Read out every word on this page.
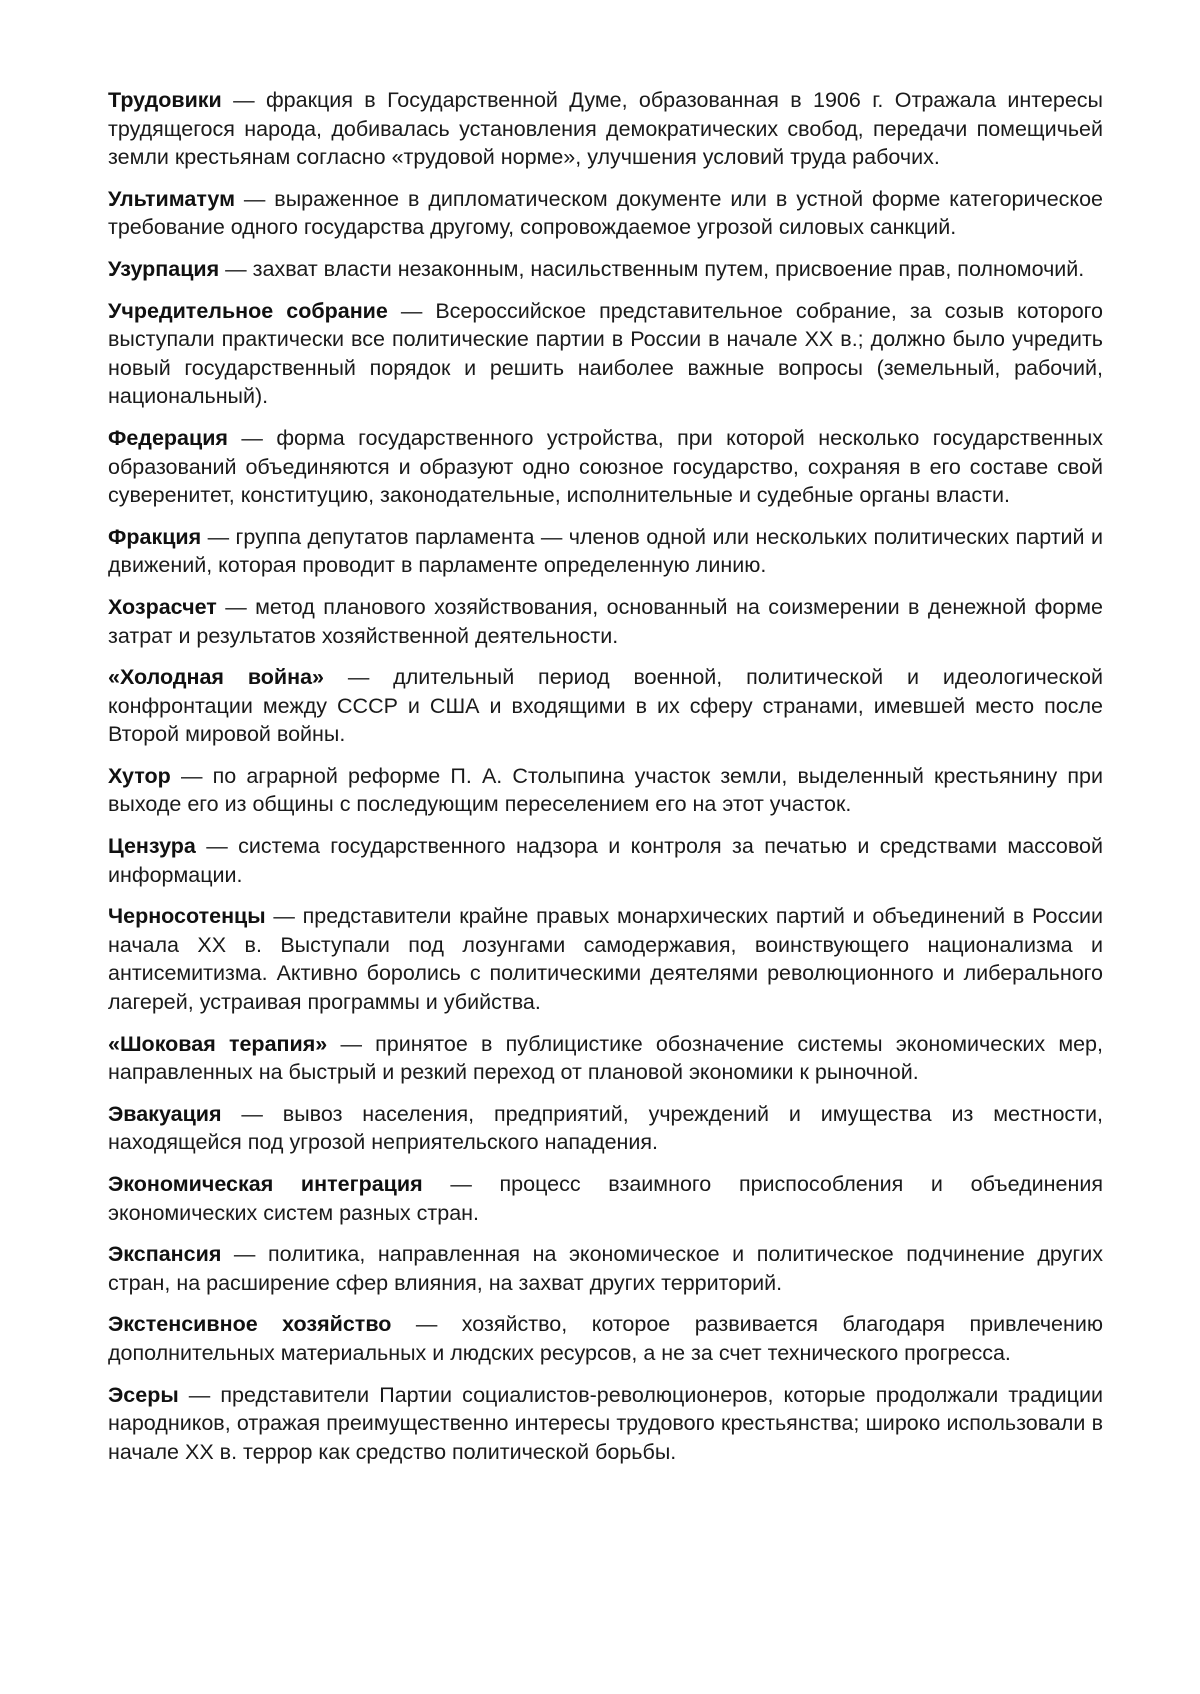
Трудовики — фракция в Государственной Думе, образованная в 1906 г. Отражала интересы трудящегося народа, добивалась установления демократических свобод, передачи помещичьей земли крестьянам согласно «трудовой норме», улучшения условий труда рабочих.

Ультиматум — выраженное в дипломатическом документе или в устной форме категорическое требование одного государства другому, сопровождаемое угрозой силовых санкций.

Узурпация — захват власти незаконным, насильственным путем, присвоение прав, полномочий.

Учредительное собрание — Всероссийское представительное собрание, за созыв которого выступали практически все политические партии в России в начале XX в.; должно было учредить новый государственный порядок и решить наиболее важные вопросы (земельный, рабочий, национальный).

Федерация — форма государственного устройства, при которой несколько государственных образований объединяются и образуют одно союзное государство, сохраняя в его составе свой суверенитет, конституцию, законодательные, исполнительные и судебные органы власти.

Фракция — группа депутатов парламента — членов одной или нескольких политических партий и движений, которая проводит в парламенте определенную линию.

Хозрасчет — метод планового хозяйствования, основанный на соизмерении в денежной форме затрат и результатов хозяйственной деятельности.

«Холодная война» — длительный период военной, политической и идеологической конфронтации между СССР и США и входящими в их сферу странами, имевшей место после Второй мировой войны.

Хутор — по аграрной реформе П. А. Столыпина участок земли, выделенный крестьянину при выходе его из общины с последующим переселением его на этот участок.

Цензура — система государственного надзора и контроля за печатью и средствами массовой информации.

Черносотенцы — представители крайне правых монархических партий и объединений в России начала XX в. Выступали под лозунгами самодержавия, воинствующего национализма и антисемитизма. Активно боролись с политическими деятелями революционного и либерального лагерей, устраивая программы и убийства.

«Шоковая терапия» — принятое в публицистике обозначение системы экономических мер, направленных на быстрый и резкий переход от плановой экономики к рыночной.

Эвакуация — вывоз населения, предприятий, учреждений и имущества из местности, находящейся под угрозой неприятельского нападения.

Экономическая интеграция — процесс взаимного приспособления и объединения экономических систем разных стран.

Экспансия — политика, направленная на экономическое и политическое подчинение других стран, на расширение сфер влияния, на захват других территорий.

Экстенсивное хозяйство — хозяйство, которое развивается благодаря привлечению дополнительных материальных и людских ресурсов, а не за счет технического прогресса.

Эсеры — представители Партии социалистов-революционеров, которые продолжали традиции народников, отражая преимущественно интересы трудового крестьянства; широко использовали в начале XX в. террор как средство политической борьбы.
